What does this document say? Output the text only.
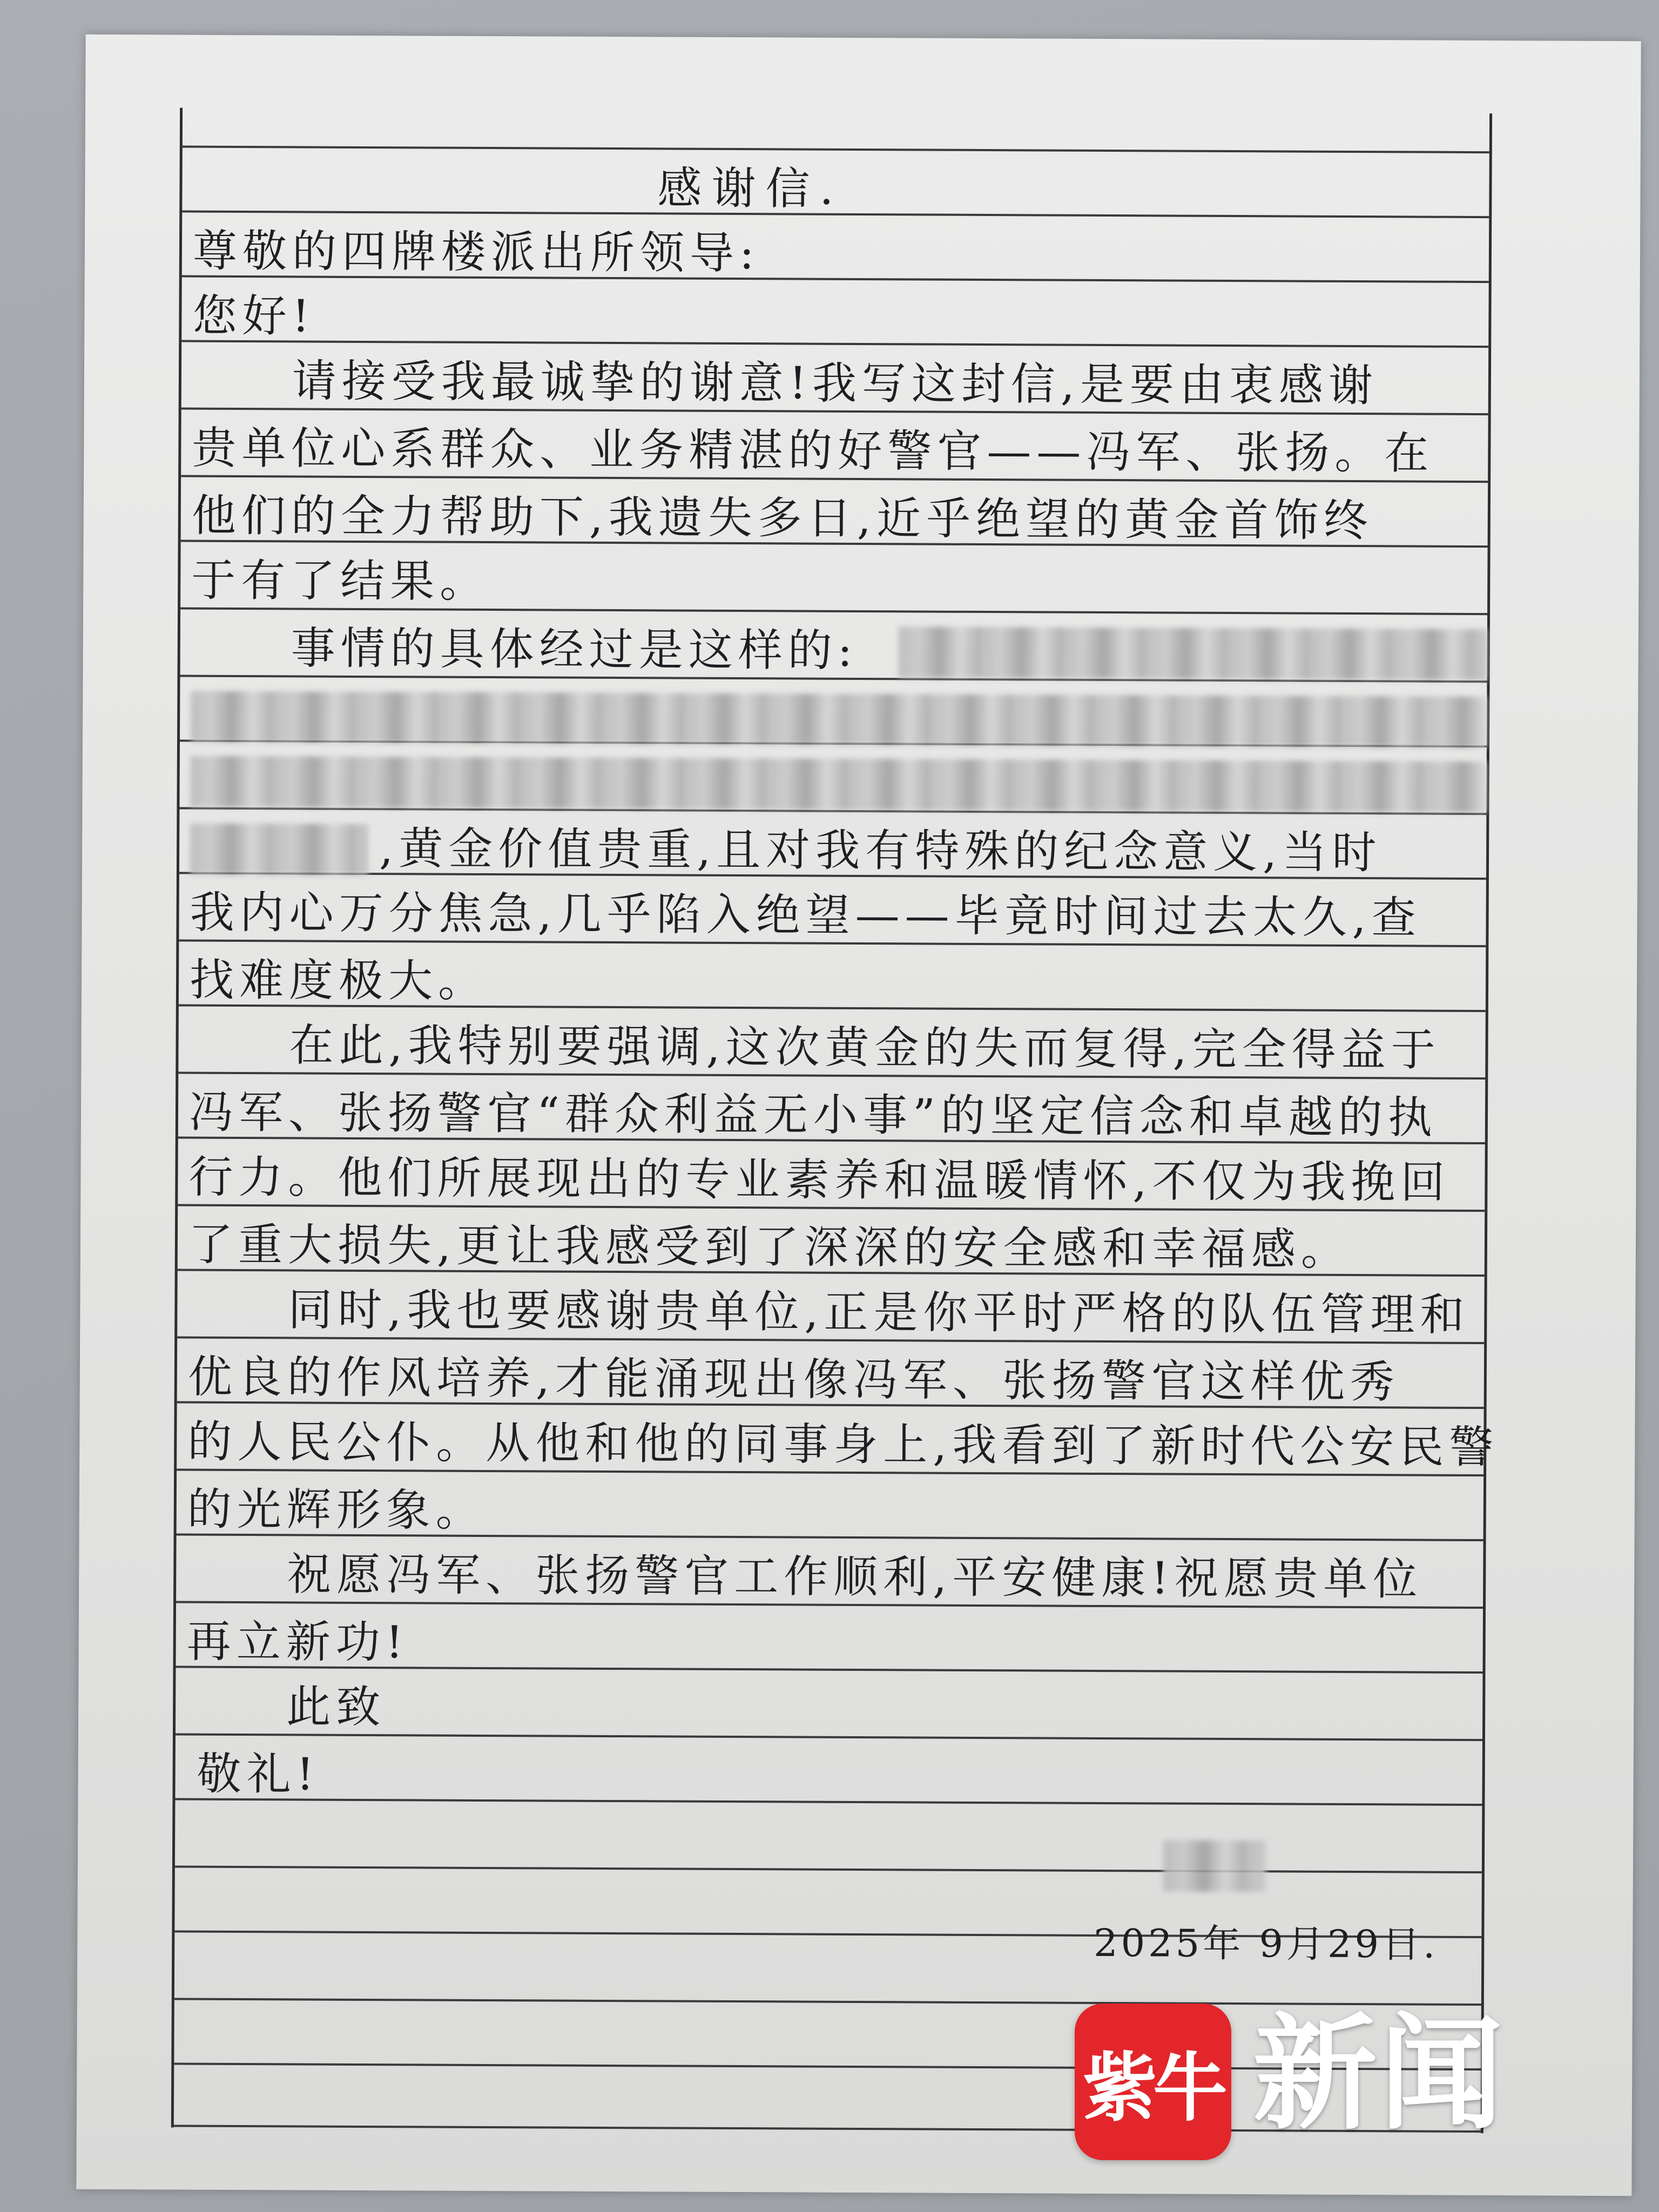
感谢信.
尊敬的四牌楼派出所领导:
您好!
请接受我最诚挚的谢意!我写这封信,是要由衷感谢
贵单位心系群众、业务精湛的好警官——冯军、张扬。在
他们的全力帮助下,我遗失多日,近乎绝望的黄金首饰终
于有了结果。
事情的具体经过是这样的:
,黄金价值贵重,且对我有特殊的纪念意义,当时
我内心万分焦急,几乎陷入绝望——毕竟时间过去太久,查
找难度极大。
在此,我特别要强调,这次黄金的失而复得,完全得益于
冯军、张扬警官“群众利益无小事”的坚定信念和卓越的执
行力。他们所展现出的专业素养和温暖情怀,不仅为我挽回
了重大损失,更让我感受到了深深的安全感和幸福感。
同时,我也要感谢贵单位,正是你平时严格的队伍管理和
优良的作风培养,才能涌现出像冯军、张扬警官这样优秀
的人民公仆。从他和他的同事身上,我看到了新时代公安民警
的光辉形象。
祝愿冯军、张扬警官工作顺利,平安健康!祝愿贵单位
再立新功!
此致
敬礼!
2025年 9月29日.
紫牛 新闻
